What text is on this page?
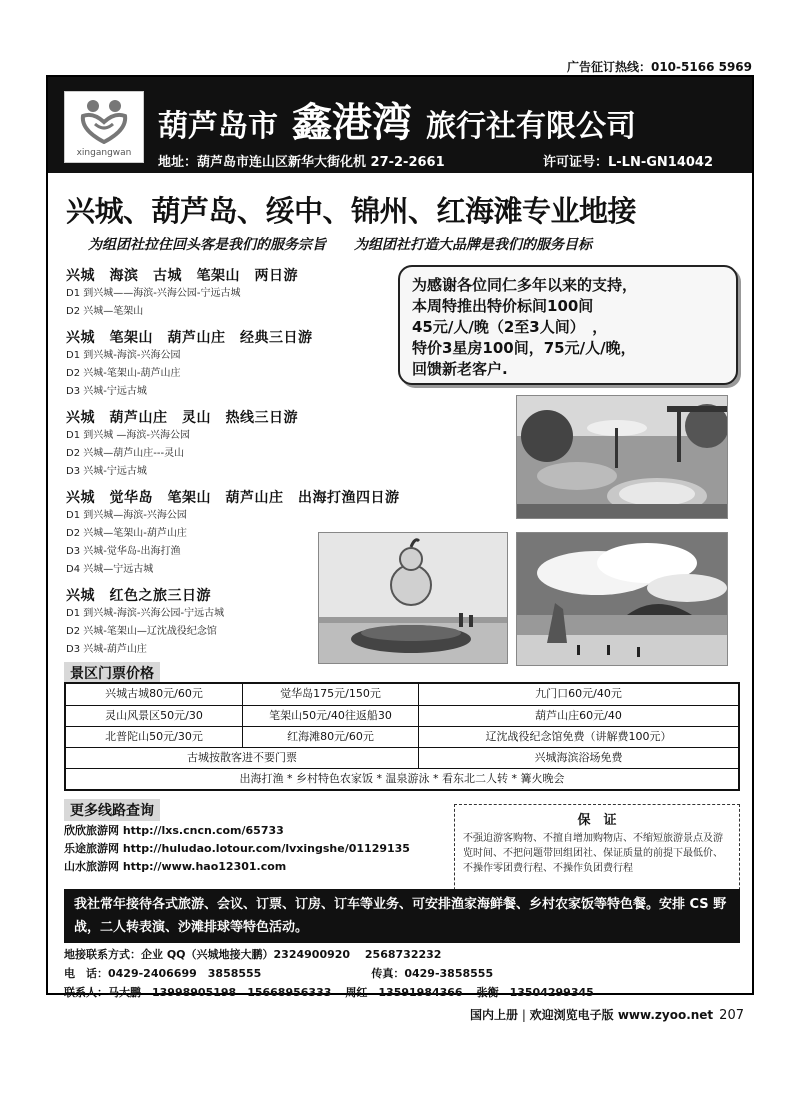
广告征订热线：010-5166 5969
xingangwan
葫芦岛市 鑫港湾 旅行社有限公司
地址：葫芦岛市连山区新华大街化机 27-2-2661	许可证号：L-LN-GN14042
兴城、葫芦岛、绥中、锦州、红海滩专业地接
为组团社拉住回头客是我们的服务宗旨 为组团社打造大品牌是我们的服务目标
兴城　海滨　古城　笔架山　两日游
D1 到兴城——海滨-兴海公园-宁远古城
D2 兴城—笔架山
兴城　笔架山　葫芦山庄　经典三日游
D1 到兴城-海滨-兴海公园
D2 兴城-笔架山-葫芦山庄
D3 兴城-宁远古城
兴城　葫芦山庄　灵山　热线三日游
D1 到兴城 —海滨-兴海公园
D2 兴城—葫芦山庄---灵山
D3 兴城-宁远古城
兴城　觉华岛　笔架山　葫芦山庄　出海打渔四日游
D1 到兴城—海滨-兴海公园
D2 兴城—笔架山-葫芦山庄
D3 兴城-觉华岛-出海打渔
D4 兴城—宁远古城
兴城　红色之旅三日游
D1 到兴城-海滨-兴海公园-宁远古城
D2 兴城-笔架山—辽沈战役纪念馆
D3 兴城-葫芦山庄
为感谢各位同仁多年以来的支持，
本周特推出特价标间100间
45元/人/晚（2至3人间）　，
特价3星房100间，75元/人/晚，
回馈新老客户.
景区门票价格
兴城古城80元/60元	觉华岛175元/150元	九门口60元/40元
灵山风景区50元/30	笔架山50元/40往返船30	葫芦山庄60元/40
北普陀山50元/30元	红海滩80元/60元	辽沈战役纪念馆免费（讲解费100元）
古城按散客进不要门票	兴城海滨浴场免费
出海打渔 * 乡村特色农家饭 * 温泉游泳 * 看东北二人转 * 篝火晚会
更多线路查询
欣欣旅游网 http://lxs.cncn.com/65733
乐途旅游网 http://huludao.lotour.com/lvxingshe/01129135
山水旅游网 http://www.hao12301.com
保　证
不强迫游客购物、不擅自增加购物店、不缩短旅游景点及游览时间、不把问题带回组团社、保证质量的前提下最低价、不操作零团费行程、不操作负团费行程
我社常年接待各式旅游、会议、订票、订房、订车等业务、可安排渔家海鲜餐、乡村农家饭等特色餐。安排 CS 野战，二人转表演、沙滩排球等特色活动。
地接联系方式：企业 QQ（兴城地接大鹏）2324900920　 2568732232
电　话：0429-2406699　3858555	传真：0429-3858555
联系人：马大鹏　13998905198　15668956333 周红　13591984366 张衡　13504299345
国内上册 | 欢迎浏览电子版 www.zyoo.net 207
